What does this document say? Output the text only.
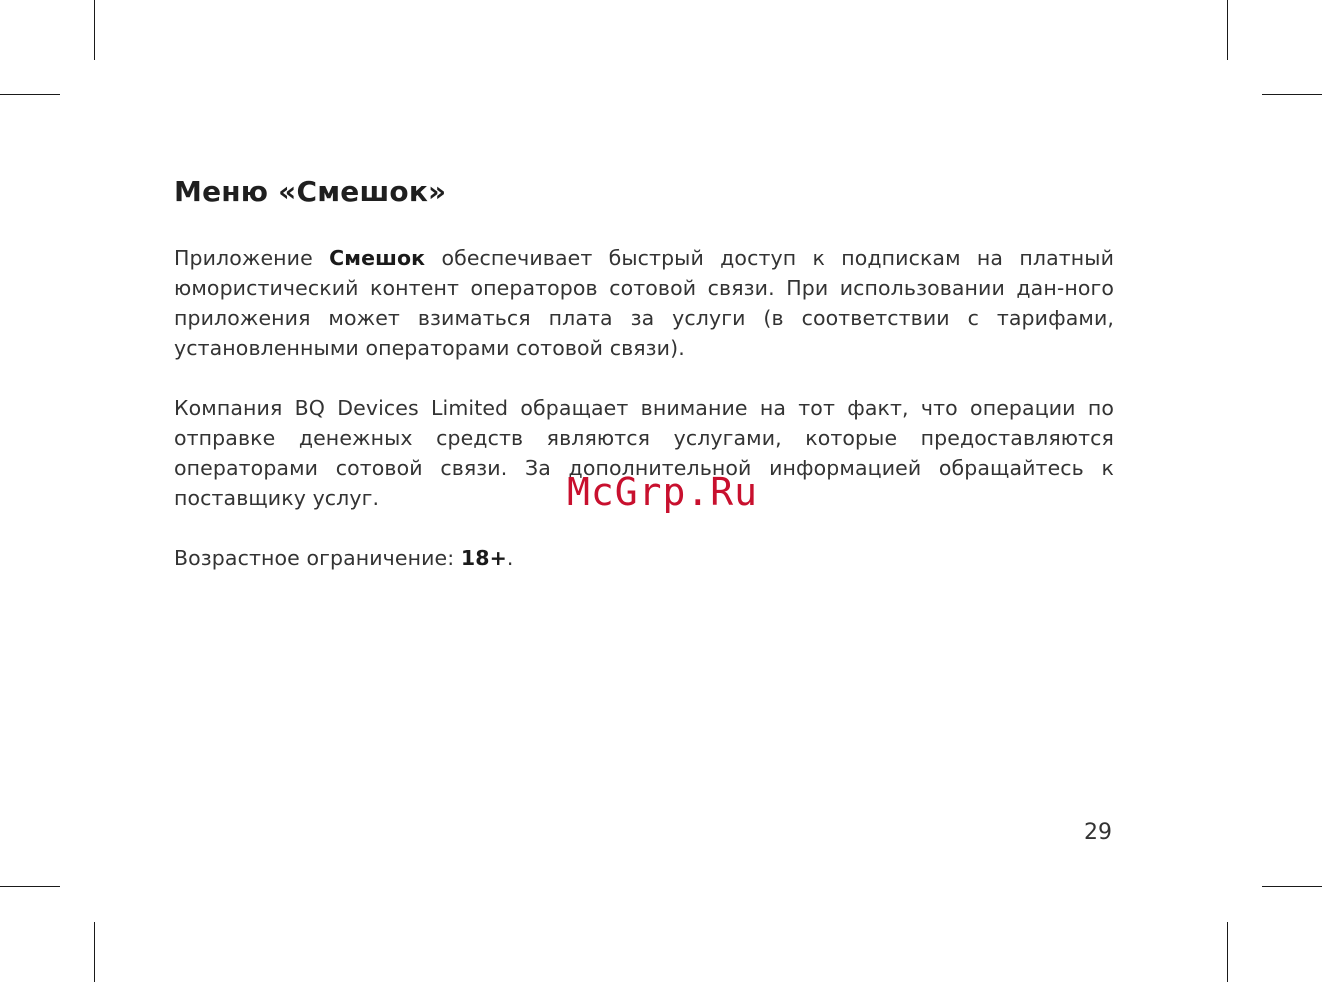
Меню «Смешок»

Приложение Смешок обеспечивает быстрый доступ к подпискам на платный юмористический контент операторов сотовой связи. При использовании дан-ного приложения может взиматься плата за услуги (в соответствии с тарифами, установленными операторами сотовой связи).

Компания BQ Devices Limited обращает внимание на тот факт, что операции по отправке денежных средств являются услугами, которые предоставляются операторами сотовой связи. За дополнительной информацией обращайтесь к поставщику услуг.

Возрастное ограничение: 18+.

McGrp.Ru
29
